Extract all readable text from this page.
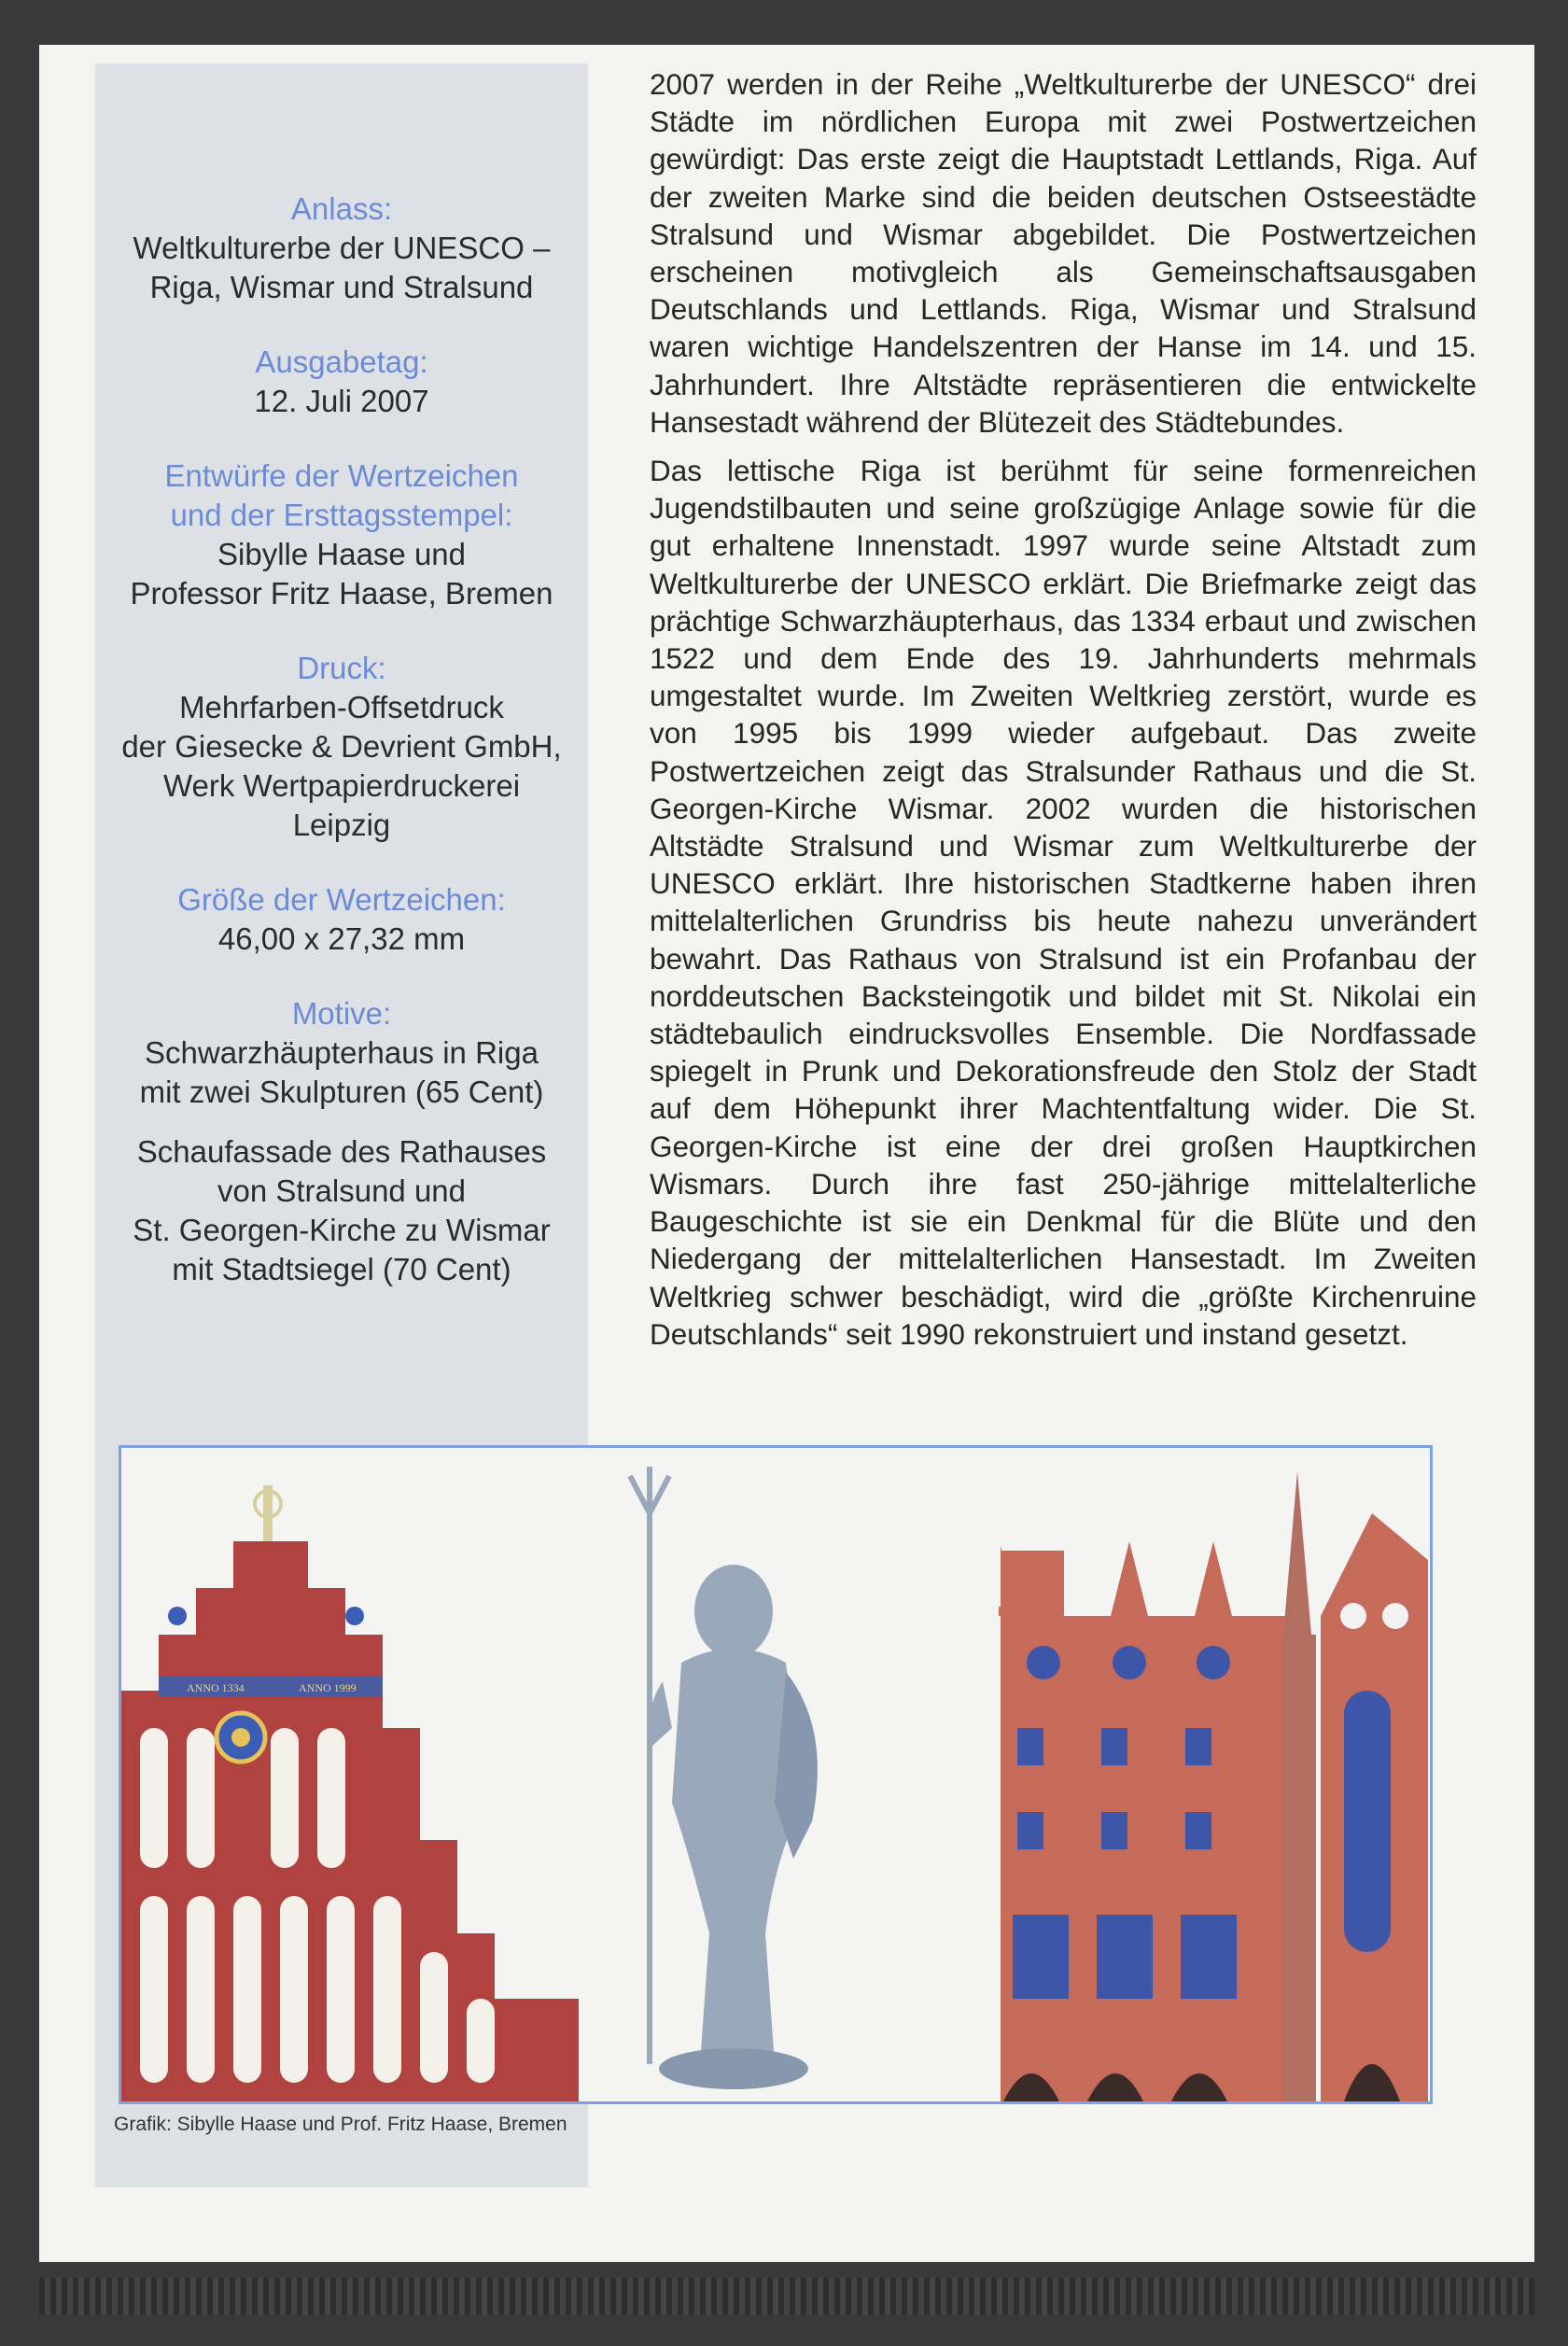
Anlass:
Weltkulturerbe der UNESCO –
Riga, Wismar und Stralsund
Ausgabetag:
12. Juli 2007
Entwürfe der Wertzeichen
und der Ersttagsstempel:
Sibylle Haase und
Professor Fritz Haase, Bremen
Druck:
Mehrfarben-Offsetdruck
der Giesecke & Devrient GmbH,
Werk Wertpapierdruckerei
Leipzig
Größe der Wertzeichen:
46,00 x 27,32 mm
Motive:
Schwarzhäupterhaus in Riga
mit zwei Skulpturen (65 Cent)
Schaufassade des Rathauses
von Stralsund und
St. Georgen-Kirche zu Wismar
mit Stadtsiegel (70 Cent)

2007 werden in der Reihe „Weltkulturerbe der UNESCO“ drei Städte im nördlichen Europa mit zwei Postwertzeichen gewürdigt: Das erste zeigt die Hauptstadt Lettlands, Riga. Auf der zweiten Marke sind die beiden deutschen Ostseestädte Stralsund und Wismar abgebildet. Die Postwertzeichen erscheinen motivgleich als Gemeinschaftsausgaben Deutschlands und Lettlands. Riga, Wismar und Stralsund waren wichtige Handelszentren der Hanse im 14. und 15. Jahrhundert. Ihre Altstädte repräsentieren die entwickelte Hansestadt während der Blütezeit des Städtebundes.

Das lettische Riga ist berühmt für seine formenreichen Jugendstilbauten und seine großzügige Anlage sowie für die gut erhaltene Innenstadt. 1997 wurde seine Altstadt zum Weltkulturerbe der UNESCO erklärt. Die Briefmarke zeigt das prächtige Schwarzhäupterhaus, das 1334 erbaut und zwischen 1522 und dem Ende des 19. Jahrhunderts mehrmals umgestaltet wurde. Im Zweiten Weltkrieg zerstört, wurde es von 1995 bis 1999 wieder aufgebaut. Das zweite Postwertzeichen zeigt das Stralsunder Rathaus und die St. Georgen-Kirche Wismar. 2002 wurden die historischen Altstädte Stralsund und Wismar zum Weltkulturerbe der UNESCO erklärt. Ihre historischen Stadtkerne haben ihren mittelalterlichen Grundriss bis heute nahezu unverändert bewahrt. Das Rathaus von Stralsund ist ein Profanbau der norddeutschen Backsteingotik und bildet mit St. Nikolai ein städtebaulich eindrucksvolles Ensemble. Die Nordfassade spiegelt in Prunk und Dekorationsfreude den Stolz der Stadt auf dem Höhepunkt ihrer Machtentfaltung wider. Die St. Georgen-Kirche ist eine der drei großen Hauptkirchen Wismars. Durch ihre fast 250-jährige mittelalterliche Baugeschichte ist sie ein Denkmal für die Blüte und den Niedergang der mittelalterlichen Hansestadt. Im Zweiten Weltkrieg schwer beschädigt, wird die „größte Kirchenruine Deutschlands“ seit 1990 rekonstruiert und instand gesetzt.

ANNO 1334	ANNO 1999
Grafik: Sibylle Haase und Prof. Fritz Haase, Bremen
